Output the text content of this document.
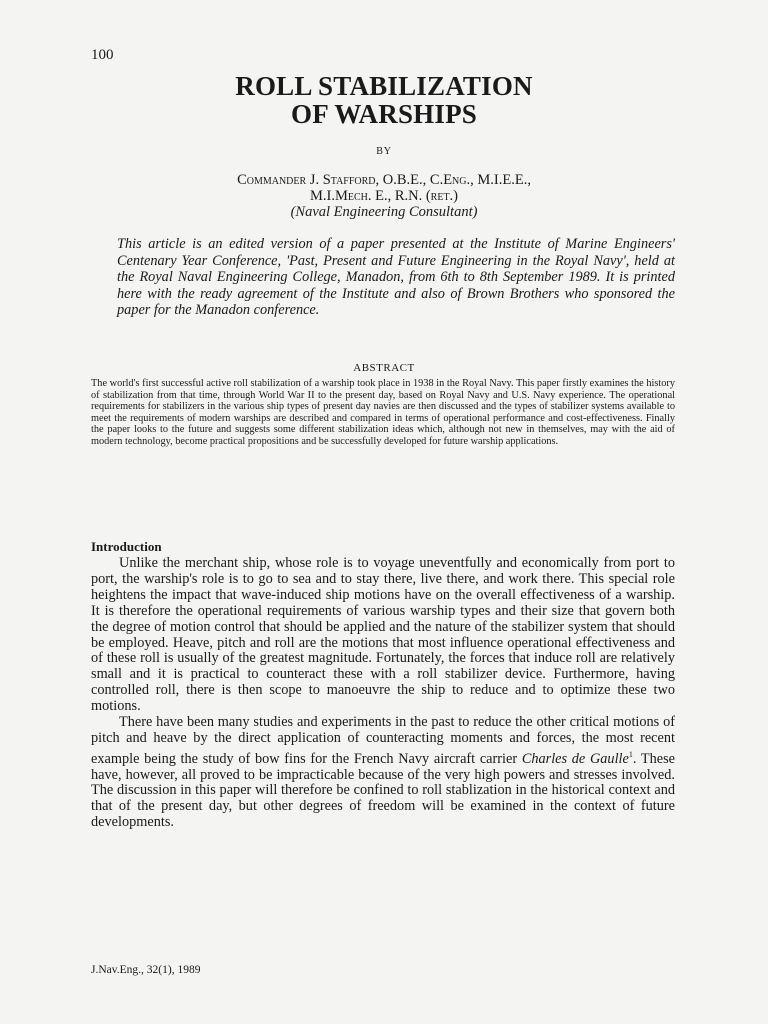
100
ROLL STABILIZATION
OF WARSHIPS
BY
Commander J. Stafford, O.B.E., C.Eng., M.I.E.E.,
M.I.Mech. E., R.N. (ret.)
(Naval Engineering Consultant)
This article is an edited version of a paper presented at the Institute of Marine Engineers' Centenary Year Conference, 'Past, Present and Future Engineering in the Royal Navy', held at the Royal Naval Engineering College, Manadon, from 6th to 8th September 1989. It is printed here with the ready agreement of the Institute and also of Brown Brothers who sponsored the paper for the Manadon conference.
ABSTRACT
The world's first successful active roll stabilization of a warship took place in 1938 in the Royal Navy. This paper firstly examines the history of stabilization from that time, through World War II to the present day, based on Royal Navy and U.S. Navy experience. The operational requirements for stabilizers in the various ship types of present day navies are then discussed and the types of stabilizer systems available to meet the requirements of modern warships are described and compared in terms of operational performance and cost-effectiveness. Finally the paper looks to the future and suggests some different stabilization ideas which, although not new in themselves, may with the aid of modern technology, become practical propositions and be successfully developed for future warship applications.
Introduction

Unlike the merchant ship, whose role is to voyage uneventfully and economically from port to port, the warship's role is to go to sea and to stay there, live there, and work there. This special role heightens the impact that wave-induced ship motions have on the overall effectiveness of a warship. It is therefore the operational requirements of various warship types and their size that govern both the degree of motion control that should be applied and the nature of the stabilizer system that should be employed. Heave, pitch and roll are the motions that most influence operational effectiveness and of these roll is usually of the greatest magnitude. Fortunately, the forces that induce roll are relatively small and it is practical to counteract these with a roll stabilizer device. Furthermore, having controlled roll, there is then scope to manoeuvre the ship to reduce and to optimize these two motions.

There have been many studies and experiments in the past to reduce the other critical motions of pitch and heave by the direct application of counteracting moments and forces, the most recent example being the study of bow fins for the French Navy aircraft carrier Charles de Gaulle$^1$. These have, however, all proved to be impracticable because of the very high powers and stresses involved. The discussion in this paper will therefore be confined to roll stablization in the historical context and that of the present day, but other degrees of freedom will be examined in the context of future developments.

J.Nav.Eng., 32(1), 1989
